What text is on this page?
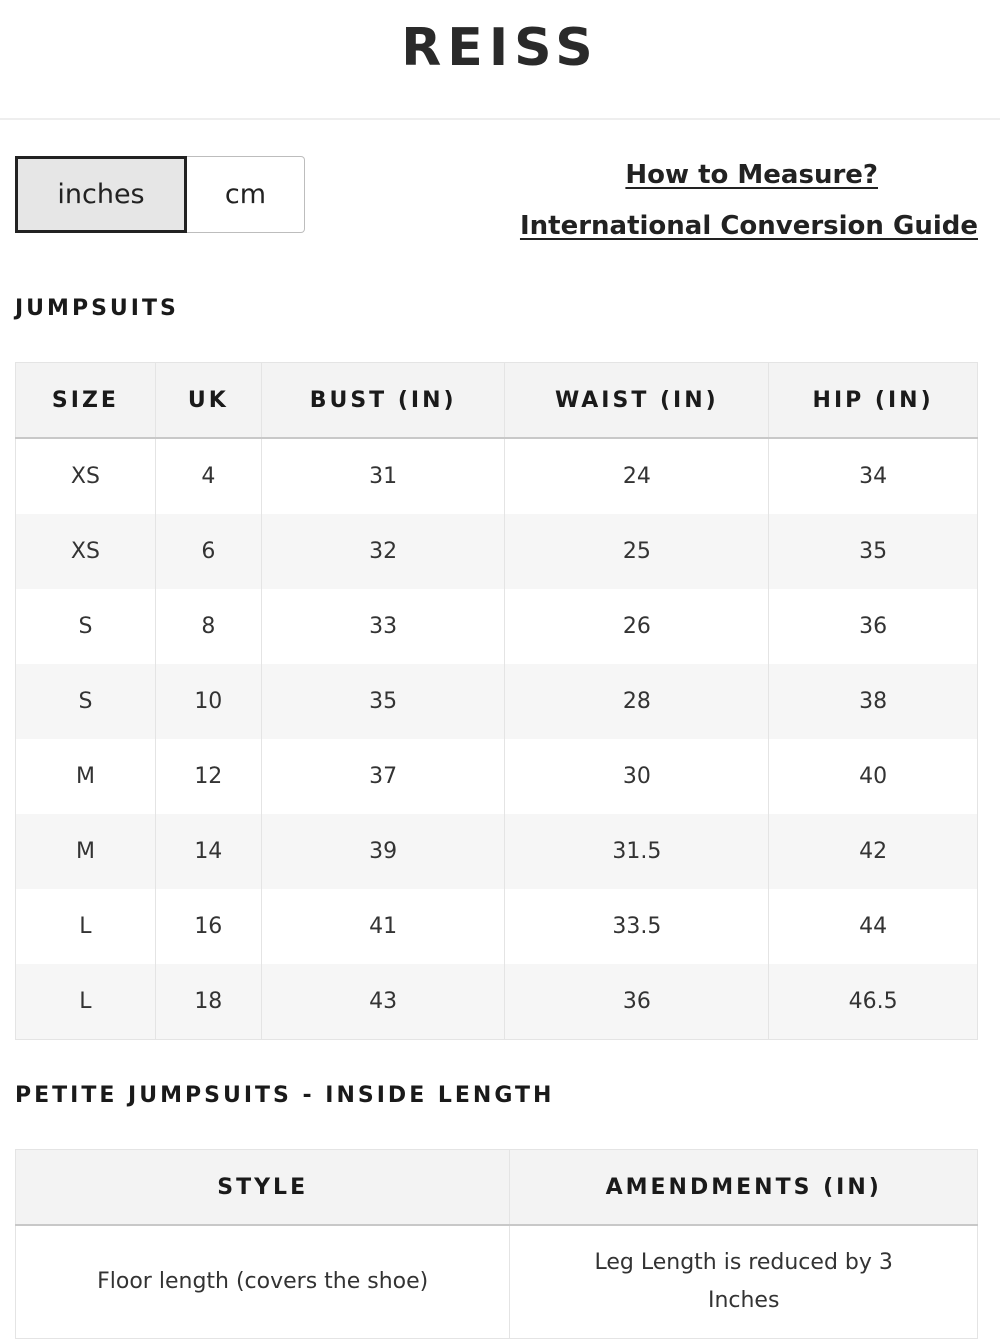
REISS
inches	cm
How to Measure?
International Conversion Guide
JUMPSUITS
SIZE	UK	BUST (IN)	WAIST (IN)	HIP (IN)
XS	4	31	24	34
XS	6	32	25	35
S	8	33	26	36
S	10	35	28	38
M	12	37	30	40
M	14	39	31.5	42
L	16	41	33.5	44
L	18	43	36	46.5
PETITE JUMPSUITS - INSIDE LENGTH
STYLE	AMENDMENTS (IN)
Floor length (covers the shoe)	Leg Length is reduced by 3 Inches
